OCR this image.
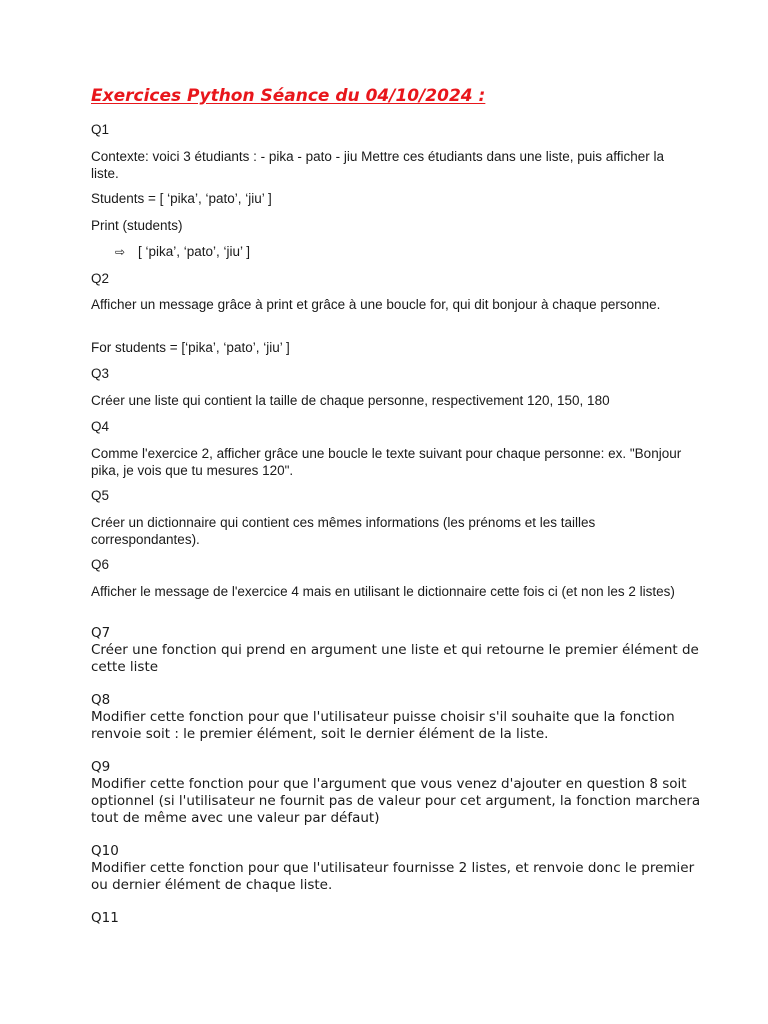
Exercices Python Séance du 04/10/2024 :

Q1

Contexte: voici 3 étudiants : - pika - pato - jiu Mettre ces étudiants dans une liste, puis afficher la liste.

Students = [ ‘pika’, ‘pato’, ‘jiu’ ]

Print (students)

⇨ [ ‘pika’, ‘pato’, ‘jiu’ ]

Q2

Afficher un message grâce à print et grâce à une boucle for, qui dit bonjour à chaque personne.

For students = [‘pika’, ‘pato’, ‘jiu’ ]

Q3

Créer une liste qui contient la taille de chaque personne, respectivement 120, 150, 180

Q4

Comme l'exercice 2, afficher grâce une boucle le texte suivant pour chaque personne: ex. "Bonjour pika, je vois que tu mesures 120".

Q5

Créer un dictionnaire qui contient ces mêmes informations (les prénoms et les tailles correspondantes).

Q6

Afficher le message de l'exercice 4 mais en utilisant le dictionnaire cette fois ci (et non les 2 listes)

Q7

Créer une fonction qui prend en argument une liste et qui retourne le premier élément de cette liste

Q8

Modifier cette fonction pour que l'utilisateur puisse choisir s'il souhaite que la fonction renvoie soit : le premier élément, soit le dernier élément de la liste.

Q9

Modifier cette fonction pour que l'argument que vous venez d'ajouter en question 8 soit optionnel (si l'utilisateur ne fournit pas de valeur pour cet argument, la fonction marchera tout de même avec une valeur par défaut)

Q10

Modifier cette fonction pour que l'utilisateur fournisse 2 listes, et renvoie donc le premier ou dernier élément de chaque liste.

Q11
